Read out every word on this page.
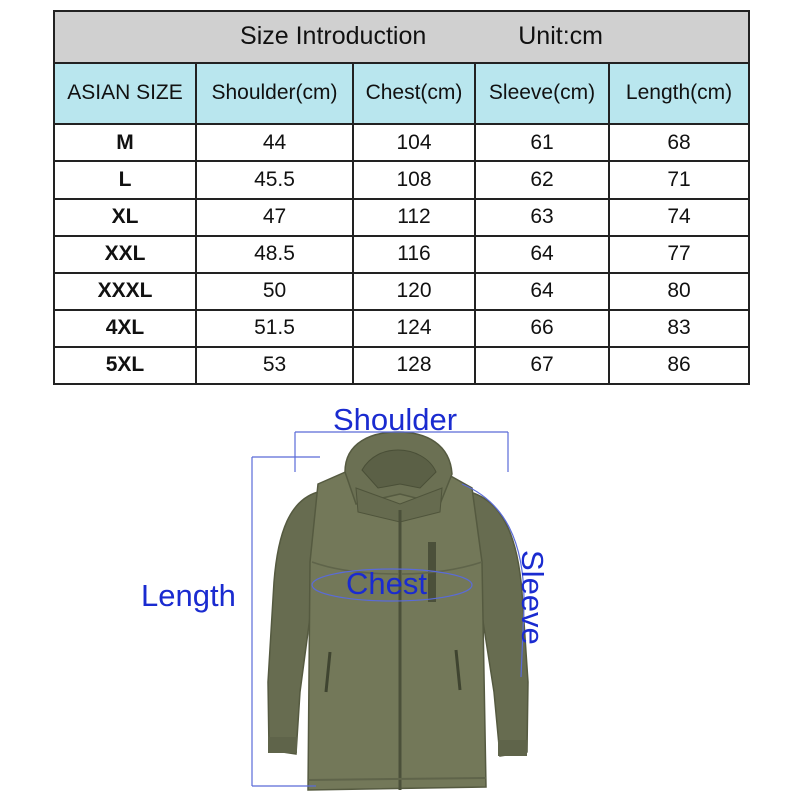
Size Introduction Unit:cm				

ASIAN SIZE	Shoulder(cm)	Chest(cm)	Sleeve(cm)	Length(cm)
M	44	104	61	68
L	45.5	108	62	71
XL	47	112	63	74
XXL	48.5	116	64	77
XXXL	50	120	64	80
4XL	51.5	124	66	83
5XL	53	128	67	86
Shoulder
Length	Chest	Sleeve
